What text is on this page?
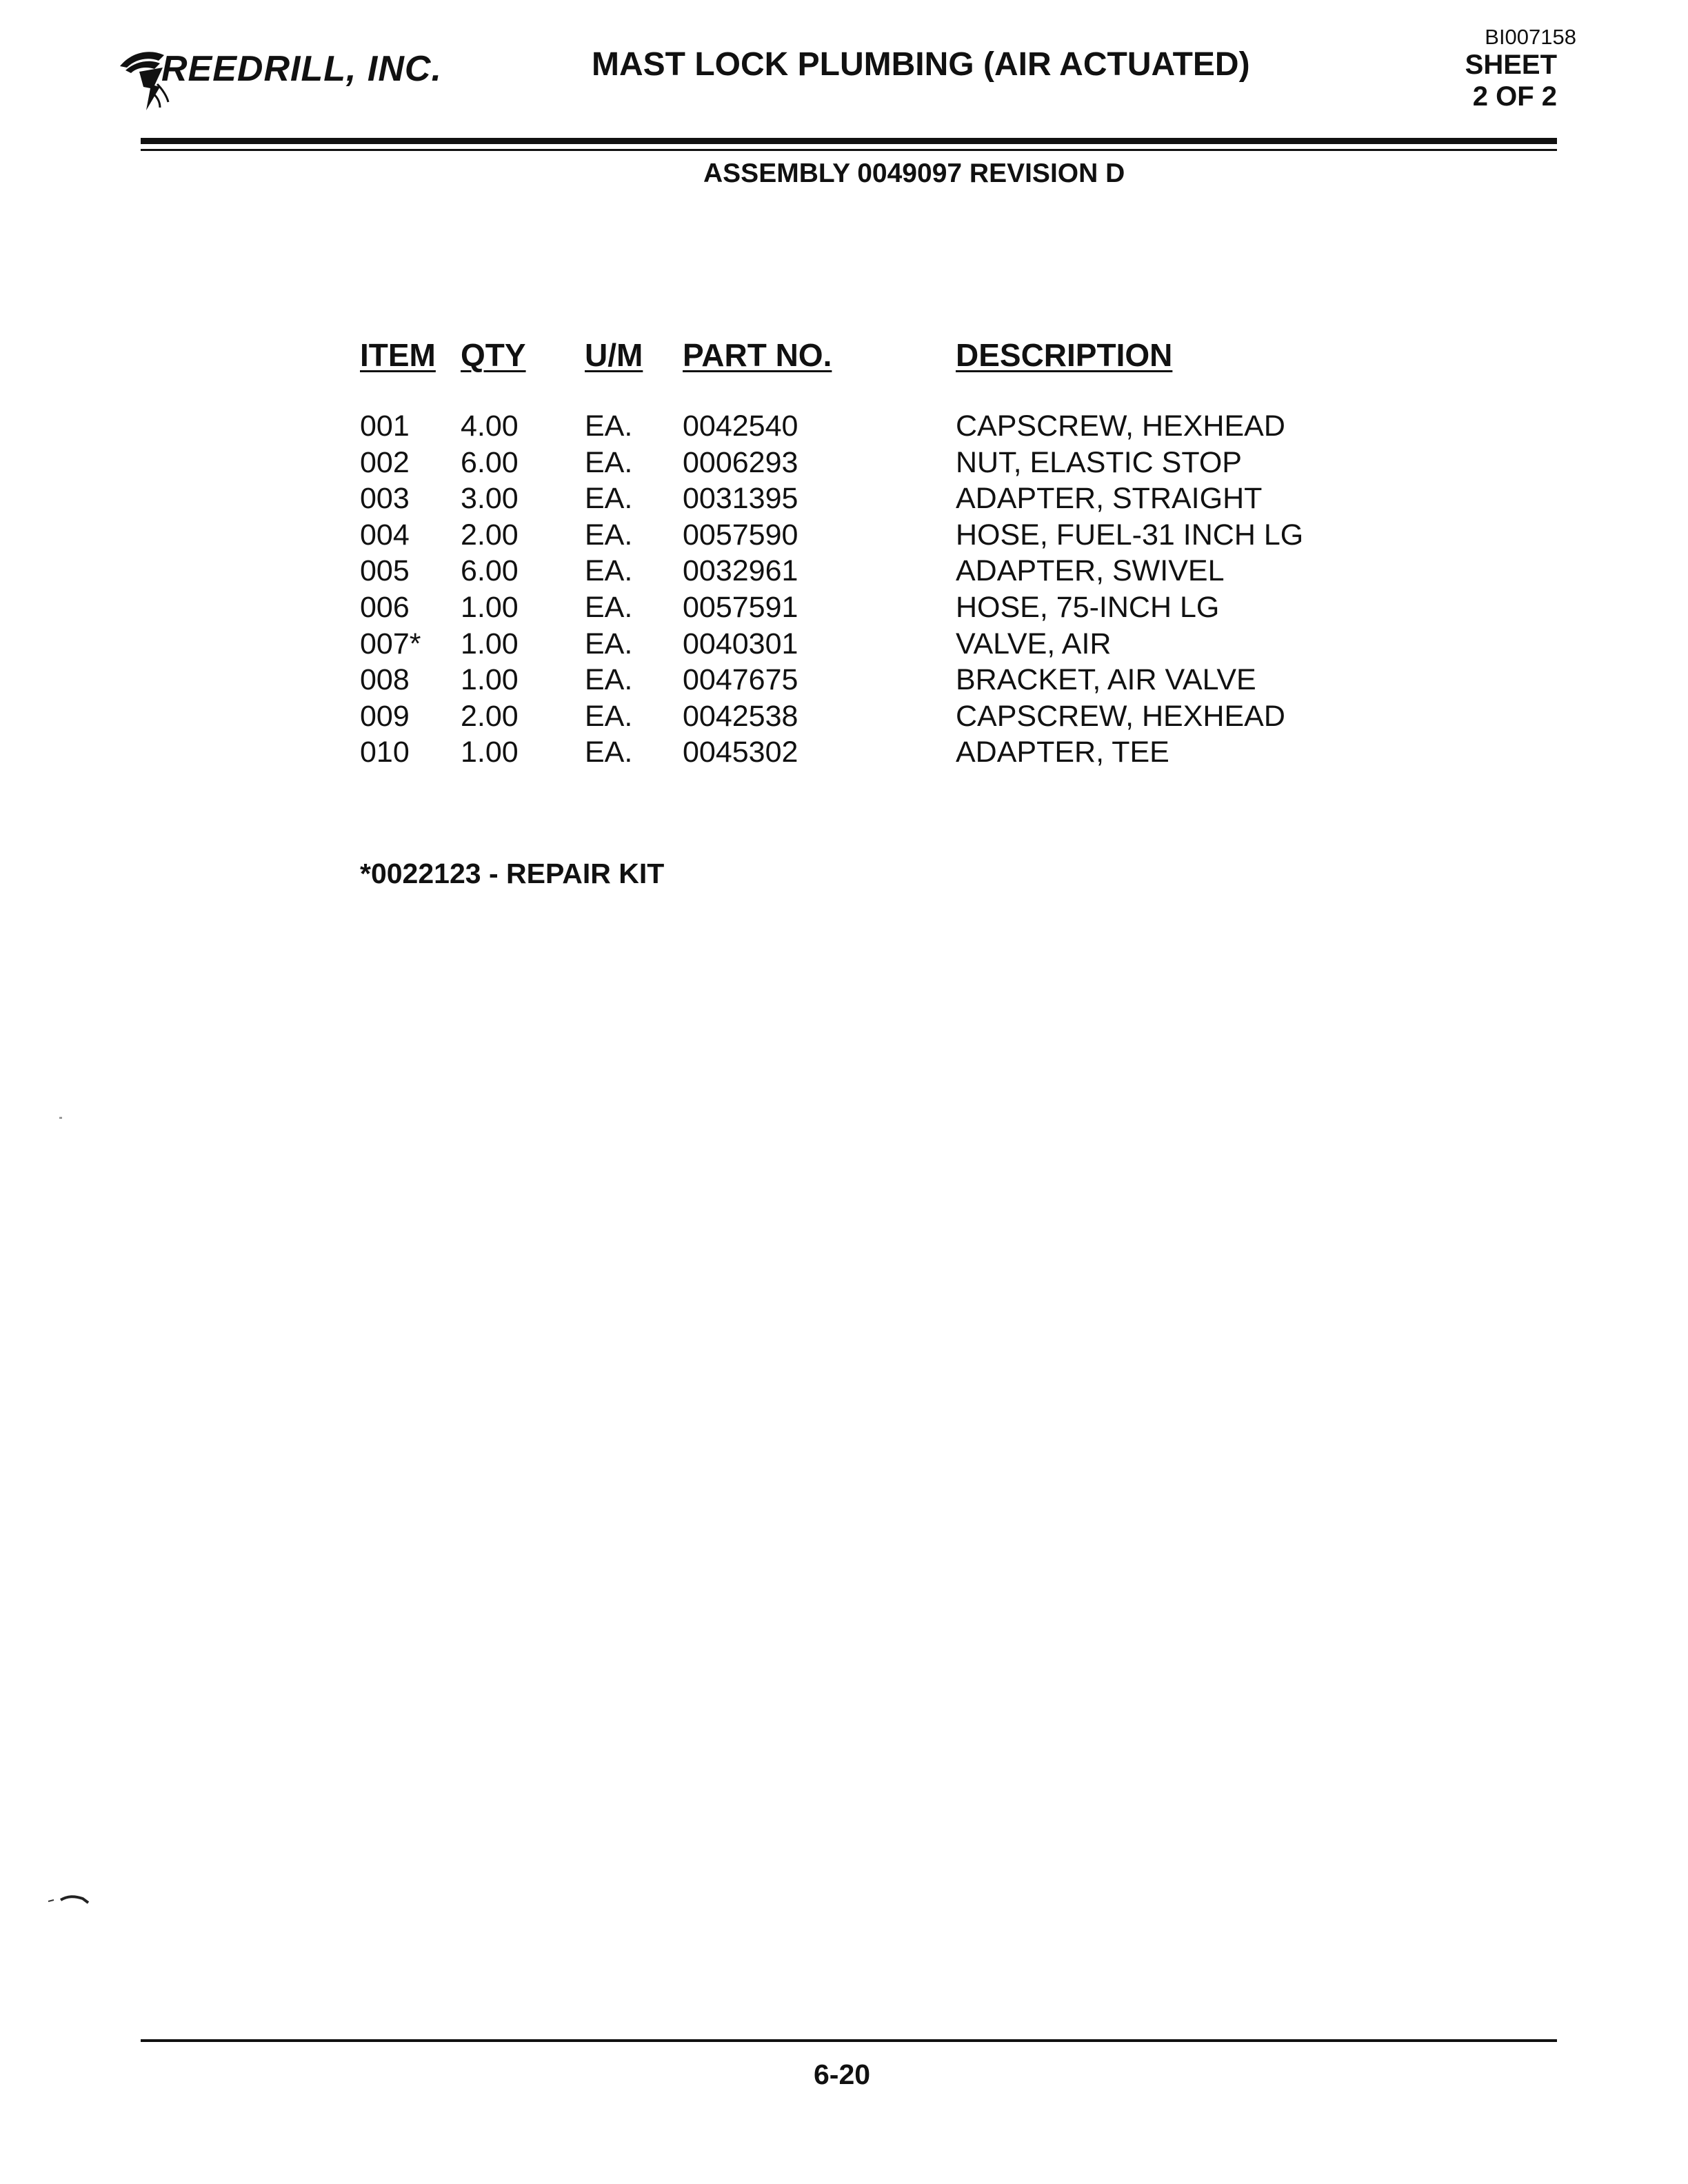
REEDRILL, INC.	MAST LOCK PLUMBING (AIR ACTUATED)
BI007158
SHEET
2 OF 2
ASSEMBLY 0049097 REVISION D
ITEM	QTY	U/M	PART NO.	DESCRIPTION
001	4.00	EA.	0042540	CAPSCREW, HEXHEAD
002	6.00	EA.	0006293	NUT, ELASTIC STOP
003	3.00	EA.	0031395	ADAPTER, STRAIGHT
004	2.00	EA.	0057590	HOSE, FUEL-31 INCH LG
005	6.00	EA.	0032961	ADAPTER, SWIVEL
006	1.00	EA.	0057591	HOSE, 75-INCH LG
007*	1.00	EA.	0040301	VALVE, AIR
008	1.00	EA.	0047675	BRACKET, AIR VALVE
009	2.00	EA.	0042538	CAPSCREW, HEXHEAD
010	1.00	EA.	0045302	ADAPTER, TEE
*0022123 - REPAIR KIT
6-20
